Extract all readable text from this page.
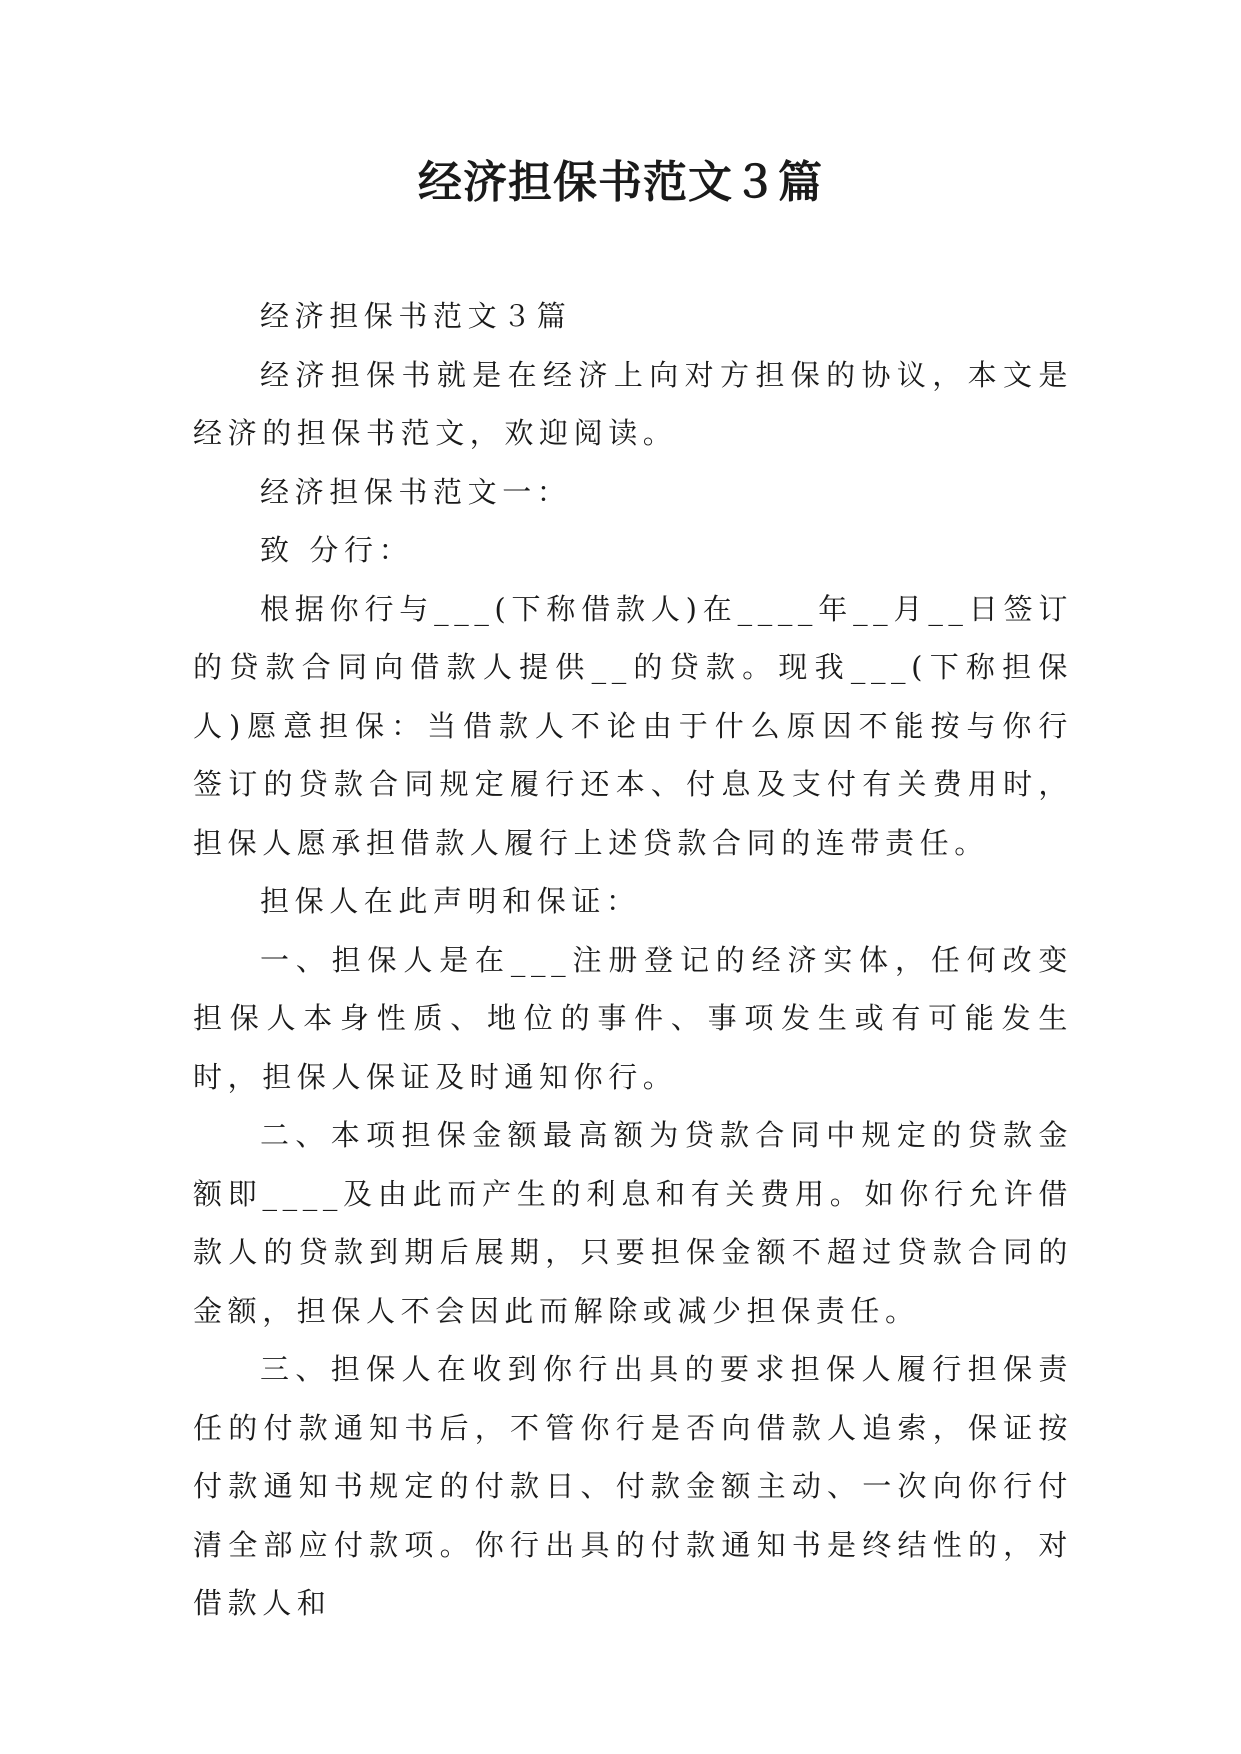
经济担保书范文３篇

经济担保书范文３篇

经济担保书就是在经济上向对方担保的协议，本文是经济的担保书范文，欢迎阅读。

经济担保书范文一：

致 分行：

根据你行与___(下称借款人)在____年__月__日签订的贷款合同向借款人提供__的贷款。现我___(下称担保人)愿意担保：当借款人不论由于什么原因不能按与你行签订的贷款合同规定履行还本、付息及支付有关费用时，担保人愿承担借款人履行上述贷款合同的连带责任。

担保人在此声明和保证：

一、担保人是在___注册登记的经济实体，任何改变担保人本身性质、地位的事件、事项发生或有可能发生时，担保人保证及时通知你行。

二、本项担保金额最高额为贷款合同中规定的贷款金额即____及由此而产生的利息和有关费用。如你行允许借款人的贷款到期后展期，只要担保金额不超过贷款合同的金额，担保人不会因此而解除或减少担保责任。

三、担保人在收到你行出具的要求担保人履行担保责任的付款通知书后，不管你行是否向借款人追索，保证按付款通知书规定的付款日、付款金额主动、一次向你行付清全部应付款项。你行出具的付款通知书是终结性的，对借款人和
